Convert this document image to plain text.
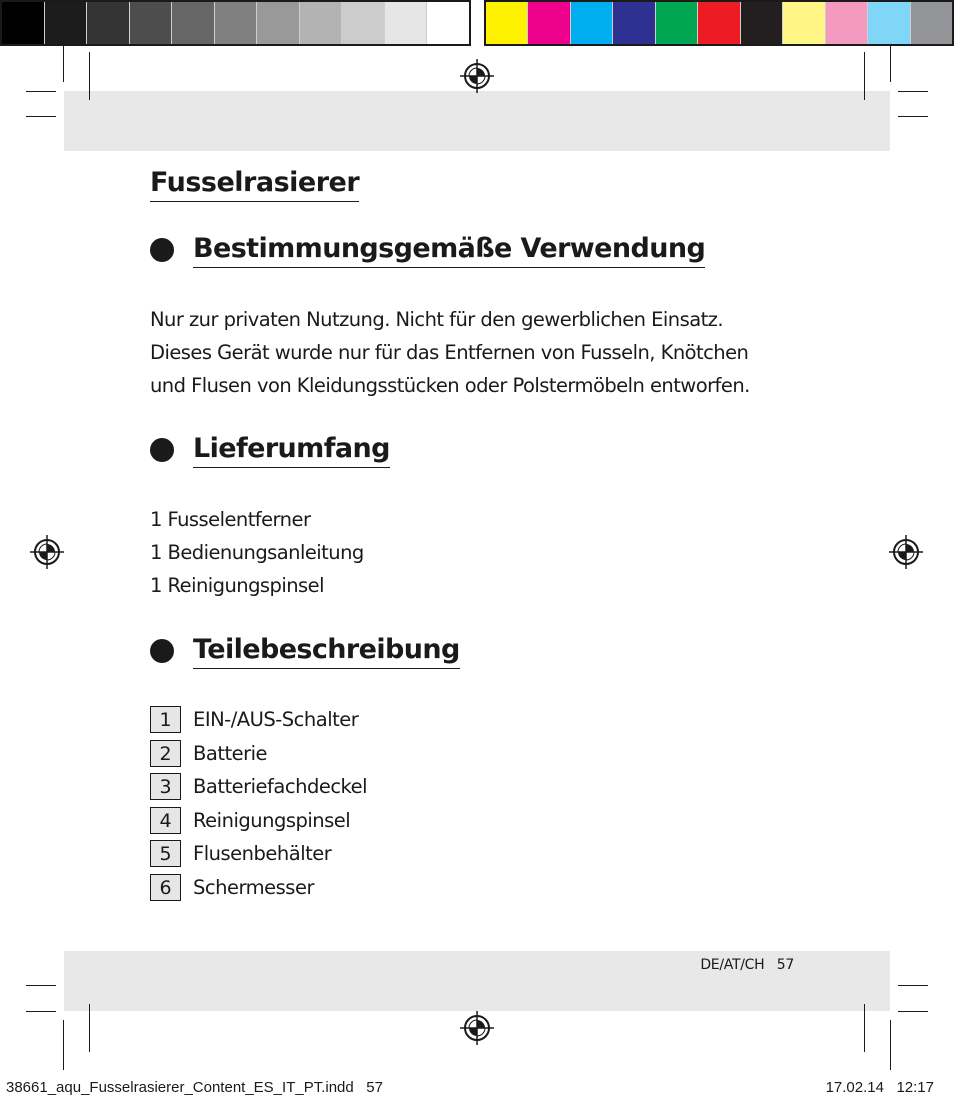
Fusselrasierer
Bestimmungsgemäße Verwendung
Nur zur privaten Nutzung. Nicht für den gewerblichen Einsatz.
Dieses Gerät wurde nur für das Entfernen von Fusseln, Knötchen
und Flusen von Kleidungsstücken oder Polstermöbeln entworfen.
Lieferumfang
1 Fusselentferner
1 Bedienungsanleitung
1 Reinigungspinsel
Teilebeschreibung
1	EIN-/AUS-Schalter
2	Batterie
3	Batteriefachdeckel
4	Reinigungspinsel
5	Flusenbehälter
6	Schermesser
DE/AT/CH   57
38661_aqu_Fusselrasierer_Content_ES_IT_PT.indd   57	17.02.14   12:17
